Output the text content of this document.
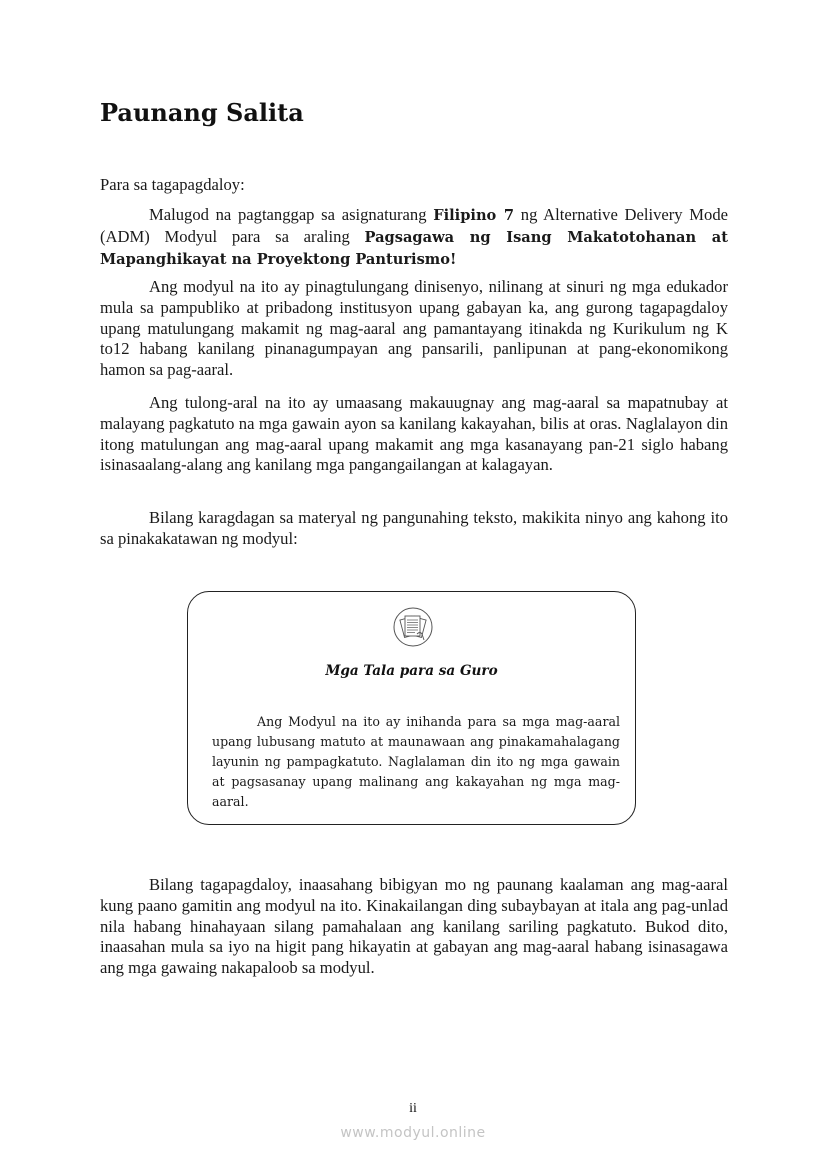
Paunang Salita

Para sa tagapagdaloy:

Malugod na pagtanggap sa asignaturang Filipino 7 ng Alternative Delivery Mode (ADM) Modyul para sa araling Pagsagawa ng Isang Makatotohanan at Mapanghikayat na Proyektong Panturismo!

Ang modyul na ito ay pinagtulungang dinisenyo, nilinang at sinuri ng mga edukador mula sa pampubliko at pribadong institusyon upang gabayan ka, ang gurong tagapagdaloy upang matulungang makamit ng mag-aaral ang pamantayang itinakda ng Kurikulum ng K to12 habang kanilang pinanagumpayan ang pansarili, panlipunan at pang-ekonomikong hamon sa pag-aaral.

Ang tulong-aral na ito ay umaasang makauugnay ang mag-aaral sa mapatnubay at malayang pagkatuto na mga gawain ayon sa kanilang kakayahan, bilis at oras. Naglalayon din itong matulungan ang mag-aaral upang makamit ang mga kasanayang pan-21 siglo habang isinasaalang-alang ang kanilang mga pangangailangan at kalagayan.

Bilang karagdagan sa materyal ng pangunahing teksto, makikita ninyo ang kahong ito sa pinakakatawan ng modyul:

Mga Tala para sa Guro

Ang Modyul na ito ay inihanda para sa mga mag-aaral upang lubusang matuto at maunawaan ang pinakamahalagang layunin ng pampagkatuto. Naglalaman din ito ng mga gawain at pagsasanay upang malinang ang kakayahan ng mga mag-aaral.

Bilang tagapagdaloy, inaasahang bibigyan mo ng paunang kaalaman ang mag-aaral kung paano gamitin ang modyul na ito. Kinakailangan ding subaybayan at itala ang pag-unlad nila habang hinahayaan silang pamahalaan ang kanilang sariling pagkatuto. Bukod dito, inaasahan mula sa iyo na higit pang hikayatin at gabayan ang mag-aaral habang isinasagawa ang mga gawaing nakapaloob sa modyul.

ii
www.modyul.online
